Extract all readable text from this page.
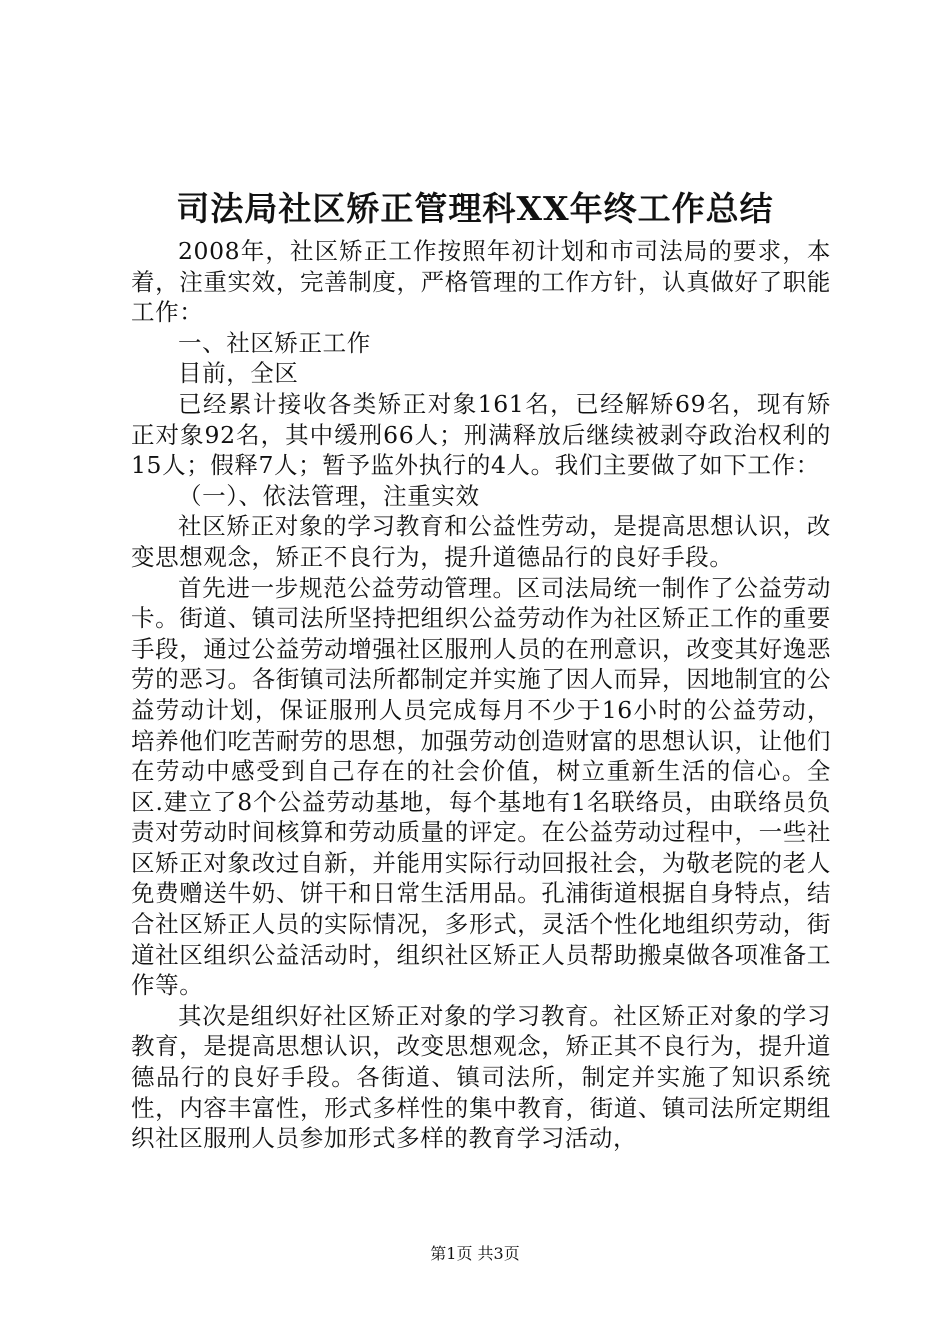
司法局社区矫正管理科XX年终工作总结

2008年，社区矫正工作按照年初计划和市司法局的要求，本着，注重实效，完善制度，严格管理的工作方针，认真做好了职能工作：

一、社区矫正工作

目前，全区

已经累计接收各类矫正对象161名，已经解矫69名，现有矫正对象92名，其中缓刑66人；刑满释放后继续被剥夺政治权利的15人；假释7人；暂予监外执行的4人。我们主要做了如下工作：

（一）、依法管理，注重实效

社区矫正对象的学习教育和公益性劳动，是提高思想认识，改变思想观念，矫正不良行为，提升道德品行的良好手段。

首先进一步规范公益劳动管理。区司法局统一制作了公益劳动卡。街道、镇司法所坚持把组织公益劳动作为社区矫正工作的重要手段，通过公益劳动增强社区服刑人员的在刑意识，改变其好逸恶劳的恶习。各街镇司法所都制定并实施了因人而异，因地制宜的公益劳动计划，保证服刑人员完成每月不少于16小时的公益劳动，培养他们吃苦耐劳的思想，加强劳动创造财富的思想认识，让他们在劳动中感受到自己存在的社会价值，树立重新生活的信心。全区.建立了8个公益劳动基地，每个基地有1名联络员，由联络员负责对劳动时间核算和劳动质量的评定。在公益劳动过程中，一些社区矫正对象改过自新，并能用实际行动回报社会，为敬老院的老人免费赠送牛奶、饼干和日常生活用品。孔浦街道根据自身特点，结合社区矫正人员的实际情况，多形式，灵活个性化地组织劳动，街道社区组织公益活动时，组织社区矫正人员帮助搬桌做各项准备工作等。

其次是组织好社区矫正对象的学习教育。社区矫正对象的学习教育，是提高思想认识，改变思想观念，矫正其不良行为，提升道德品行的良好手段。各街道、镇司法所，制定并实施了知识系统性，内容丰富性，形式多样性的集中教育，街道、镇司法所定期组织社区服刑人员参加形式多样的教育学习活动，

第1页 共3页
